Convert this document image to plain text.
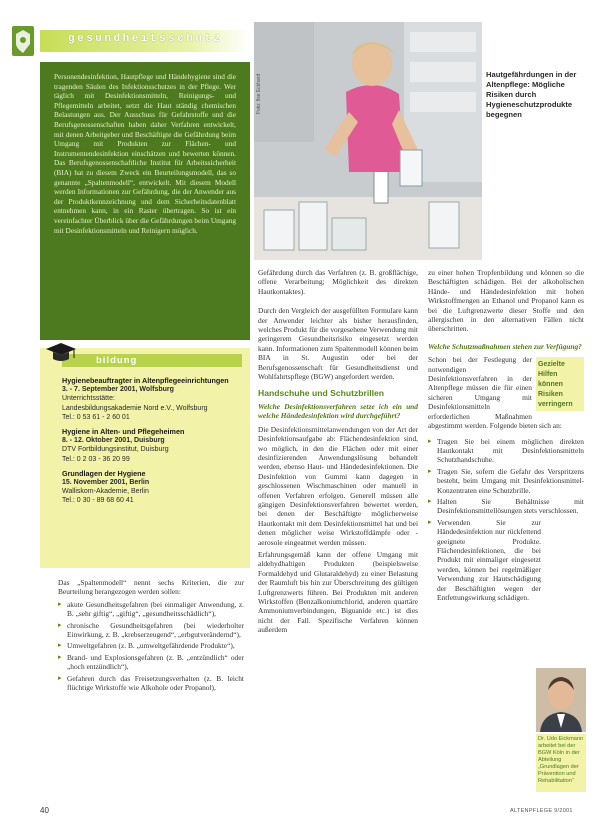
gesundheitsschutz
Personendesinfektion, Hautpflege und Händehygiene sind die tragenden Säulen des Infektionsschutzes in der Pflege. Wer täglich mit Desinfektionsmitteln, Reinigungs- und Pflegemitteln arbeitet, setzt die Haut ständig chemischen Belastungen aus. Der Ausschuss für Gefahrstoffe und die Berufsgenossenschaften haben daher Verfahren entwickelt, mit denen Arbeitgeber und Beschäftigte die Gefährdung beim Umgang mit Produkten zur Flächen- und Instrumentendesinfektion einschätzen und bewerten können. Das Berufsgenossenschaftliche Institut für Arbeitssicherheit (BIA) hat zu diesem Zweck ein Beurteilungsmodell, das so genannte „Spaltenmodell“, entwickelt. Mit diesem Modell werden Informationen zur Gefährdung, die der Anwender aus der Produktkennzeichnung und dem Sicherheitsdatenblatt entnehmen kann, in ein Raster übertragen. So ist ein vereinfachter Überblick über die Gefährdungen beim Umgang mit Desinfektionsmitteln und Reinigern möglich.
bildung
Hygienebeauftragter in Altenpflegeeinrichtungen
3. - 7. September 2001, Wolfsburg
Unterrichtsstätte:
Landesbildungsakademie Nord e.V., Wolfsburg
Tel.: 0 53 61 - 2 60 01
Hygiene in Alten- und Pflegeheimen
8. - 12. Oktober 2001, Duisburg
DTV Fortbildungsinstitut, Duisburg
Tel.: 0 2 03 - 36 20 99
Grundlagen der Hygiene
15. November 2001, Berlin
Walliskom-Akademie, Berlin
Tel.: 0 30 - 89 68 60 41

Das „Spaltenmodell“ nennt sechs Kriterien, die zur Beurteilung herangezogen werden sollen:

▸ akute Gesundheitsgefahren (bei einmaliger Anwendung, z. B. „sehr giftig“, „giftig“, „gesundheitsschädlich“),
▸ chronische Gesundheitsgefahren (bei wiederholter Einwirkung, z. B. „krebserzeugend“, „erbgutverändernd“),
▸ Umweltgefahren (z. B. „umweltgefährdende Produkte“),
▸ Brand- und Explosionsgefahren (z. B. „entzündlich“ oder „hoch entzündlich“),
▸ Gefahren durch das Freisetzungsverhalten (z. B. leicht flüchtige Wirkstoffe wie Alkohole oder Propanol),
Foto: Ilse Eckhard	Hautgefährdungen in der Altenpflege: Mögliche Risiken durch Hygieneschutzprodukte begegnen

Gefährdung durch das Verfahren (z. B. großflächige, offene Verarbeitung; Möglichkeit des direkten Hautkontaktes).

Durch den Vergleich der ausgefüllten Formulare kann der Anwender leichter als bisher herausfinden, welches Produkt für die vorgesehene Verwendung mit geringerem Gesundheitsrisiko eingesetzt werden kann. Informationen zum Spaltenmodell können beim BIA in St. Augustin oder bei der Berufsgenossenschaft für Gesundheitsdienst und Wohlfahrtspflege (BGW) angefordert werden.

Handschuhe und Schutzbrillen

Welche Desinfektionsverfahren setze ich ein und welche Händedesinfektion wird durchgeführt?

Die Desinfektionsmittelanwendungen von der Art der Desinfektionsaufgabe ab: Flächendesinfektion sind, wo möglich, in den die Flächen oder mit einer desinfizierenden Anwendungslösung behandelt werden, ebenso Haut- und Händedesinfektionen. Die Desinfektion von Gummi kann dagegen in geschlossenen Wischmaschinen oder manuell in offenen Verfahren erfolgen. Generell müssen alle gängigen Desinfektionsverfahren bewertet werden, bei denen der Beschäftigte möglicherweise Hautkontakt mit dem Desinfektionsmittel hat und bei denen möglicher weise Wirkstoffdämpfe oder -aerosole eingeatmet werden müssen.

Erfahrungsgemäß kann der offene Umgang mit aldehydhaltigen Produkten (beispielsweise Formaldehyd und Glutaraldehyd) zu einer Belastung der Raumluft bis hin zur Überschreitung des gültigen Luftgrenzwerts führen. Bei Produkten mit anderen Wirkstoffen (Benzalkoniumchlorid, anderen quartäre Ammoniumverbindungen, Biguanide etc.) ist dies nicht der Fall. Spezifische Verfahren können außerdem

zu einer hohen Tropfenbildung und können so die Beschäftigten schädigen. Bei der alkoholischen Hände- und Händedesinfektion mit hohen Wirkstoffmengen an Ethanol und Propanol kann es bei die Luftgrenzwerte dieser Stoffe und den allergischen in den alternativen Fällen nicht überschritten.

Welche Schutzmaßnahmen stehen zur Verfügung?

Gezielte Hilfen können Risiken verringern

Schon bei der Festlegung der notwendigen Desinfektionsverfahren in der Altenpflege müssen die für einen sicheren Umgang mit Desinfektionsmitteln erforderlichen Maßnahmen abgestimmt werden. Folgende bieten sich an:

▸ Tragen Sie bei einem möglichen direkten Hautkontakt mit Desinfektionsmitteln Schutzhandschuhe.
▸ Tragen Sie, sofern die Gefahr des Verspritzens besteht, beim Umgang mit Desinfektionsmittel-Konzentraten eine Schutzbrille.
▸ Halten Sie Behältnisse mit Desinfektionsmittellösungen stets verschlossen.
▸ Verwenden Sie zur Händedesinfektion nur rückfettend geeignete Produkte. Flächendesinfektionen, die bei Produkt mit einmaliger eingesetzt werden, können bei regelmäßiger Verwendung zur Hautschädigung der Beschäftigten wegen der Entfettungswirkung schädigen.
Dr. Udo Eickmann arbeitet bei der BGW Köln in der Abteilung „Grundlagen der Prävention und Rehabilitation“
40	ALTENPFLEGE 9/2001
